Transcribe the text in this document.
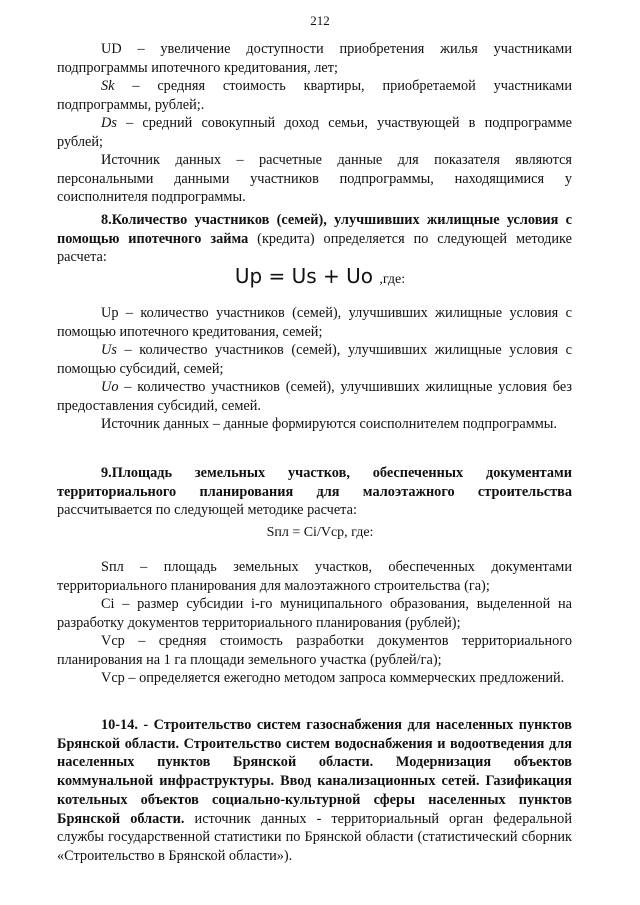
212

UD – увеличение доступности приобретения жилья участниками подпрограммы ипотечного кредитования, лет;

Sk – средняя стоимость квартиры, приобретаемой участниками подпрограммы, рублей;.

Ds – средний совокупный доход семьи, участвующей в подпрограмме рублей;

Источник данных – расчетные данные для показателя являются персональными данными участников подпрограммы, находящимися у соисполнителя подпрограммы.

8.Количество участников (семей), улучшивших жилищные условия с помощью ипотечного займа (кредита) определяется по следующей методике расчета:

Up = Us + Uo ,где:

Up – количество участников (семей), улучшивших жилищные условия с помощью ипотечного кредитования, семей;

Us – количество участников (семей), улучшивших жилищные условия с помощью субсидий, семей;

Uo – количество участников (семей), улучшивших жилищные условия без предоставления субсидий, семей.

Источник данных – данные формируются соисполнителем подпрограммы.

9.Площадь земельных участков, обеспеченных документами территориального планирования для малоэтажного строительства рассчитывается по следующей методике расчета:

Sпл = Ci/Vcp, где:

Sпл – площадь земельных участков, обеспеченных документами территориального планирования для малоэтажного строительства (га);

Ci – размер субсидии i-го муниципального образования, выделенной на разработку документов территориального планирования (рублей);

Vcp – средняя стоимость разработки документов территориального планирования на 1 га площади земельного участка (рублей/га);

Vcp – определяется ежегодно методом запроса коммерческих предложений.

10-14. - Строительство систем газоснабжения для населенных пунктов Брянской области. Строительство систем водоснабжения и водоотведения для населенных пунктов Брянской области. Модернизация объектов коммунальной инфраструктуры. Ввод канализационных сетей. Газификация котельных объектов социально-культурной сферы населенных пунктов Брянской области. источник данных - территориальный орган федеральной службы государственной статистики по Брянской области (статистический сборник «Строительство в Брянской области»).
